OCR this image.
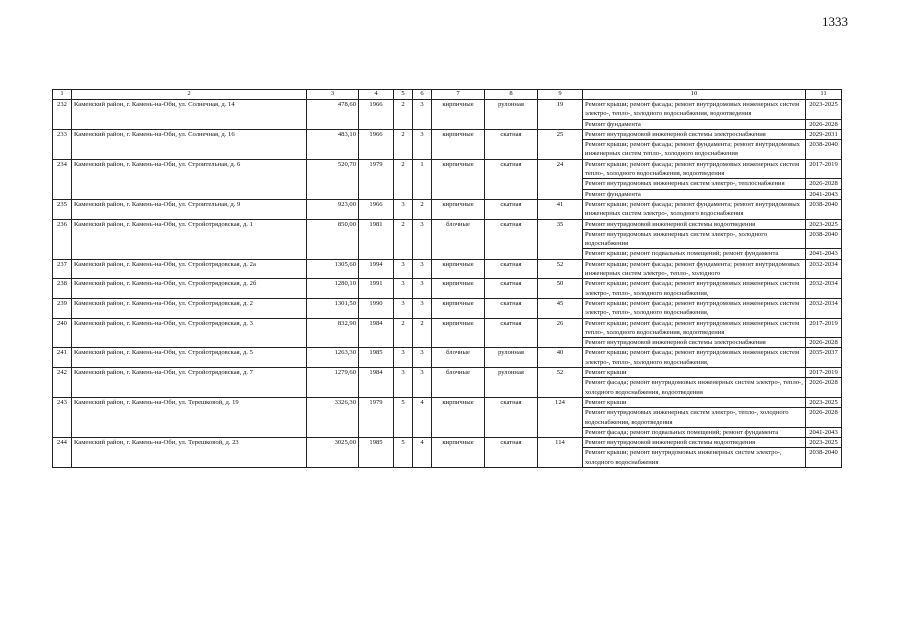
1333
1	2	3	4	5	6	7	8	9	10	11
232	Каменский район, г. Камень-на-Оби, ул. Солнечная, д. 14	478,60	1966	2	3	кирпичные	рулонная	19	Ремонт крыши; ремонт фасада; ремонт внутридомовых инженерных систем электро-, тепло-, холодного водоснабжения, водоотведения	2023-2025
									Ремонт фундамента	2026-2028
233	Каменский район, г. Камень-на-Оби, ул. Солнечная, д. 16	483,10	1966	2	3	кирпичные	скатная	25	Ремонт внутридомовой инженерной системы электроснабжения	2029-2031
									Ремонт крыши; ремонт фасада; ремонт фундамента; ремонт внутридомовых инженерных систем тепло-, холодного водоснабжения	2038-2040
234	Каменский район, г. Камень-на-Оби, ул. Строительная, д. 6	520,70	1979	2	1	кирпичные	скатная	24	Ремонт крыши; ремонт фасада; ремонт внутридомовых инженерных систем тепло-, холодного водоснабжения, водоотведения	2017-2019
									Ремонт внутридомовых инженерных систем электро-, теплоснабжения	2026-2028
									Ремонт фундамента	2041-2043
235	Каменский район, г. Камень-на-Оби, ул. Строительная, д. 9	923,00	1966	3	2	кирпичные	скатная	41	Ремонт крыши; ремонт фасада; ремонт фундамента; ремонт внутридомовых инженерных систем электро-, холодного водоснабжения	2038-2040
236	Каменский район, г. Камень-на-Оби, ул. Стройотрядовская, д. 1	850,00	1981	2	3	блочные	скатная	35	Ремонт внутридомовой инженерной системы водоотведения	2023-2025
									Ремонт внутридомовых инженерных систем электро-, холодного водоснабжения	2038-2040
									Ремонт крыши; ремонт подвальных помещений; ремонт фундамента	2041-2043
237	Каменский район, г. Камень-на-Оби, ул. Стройотрядовская, д. 2а	1305,60	1994	3	3	кирпичные	скатная	52	Ремонт крыши; ремонт фасада; ремонт фундамента; ремонт внутридомовых инженерных систем электро-, тепло-, холодного	2032-2034
238	Каменский район, г. Камень-на-Оби, ул. Стройотрядовская, д. 2б	1280,10	1991	3	3	кирпичные	скатная	50	Ремонт крыши; ремонт фасада; ремонт внутридомовых инженерных систем электро-, тепло-, холодного водоснабжения,	2032-2034
239	Каменский район, г. Камень-на-Оби, ул. Стройотрядовская, д. 2	1301,50	1990	3	3	кирпичные	скатная	45	Ремонт крыши; ремонт фасада; ремонт внутридомовых инженерных систем электро-, тепло-, холодного водоснабжения,	2032-2034
240	Каменский район, г. Камень-на-Оби, ул. Стройотрядовская, д. 3	832,90	1984	2	2	кирпичные	скатная	26	Ремонт крыши; ремонт фасада; ремонт внутридомовых инженерных систем тепло-, холодного водоснабжения, водоотведения	2017-2019
									Ремонт внутридомовой инженерной системы электроснабжения	2026-2028
241	Каменский район, г. Камень-на-Оби, ул. Стройотрядовская, д. 5	1263,30	1985	3	3	блочные	рулонная	40	Ремонт крыши; ремонт фасада; ремонт внутридомовых инженерных систем электро-, тепло-, холодного водоснабжения,	2035-2037
242	Каменский район, г. Камень-на-Оби, ул. Стройотрядовская, д. 7	1279,60	1984	3	3	блочные	рулонная	52	Ремонт крыши	2017-2019
									Ремонт фасада; ремонт внутридомовых инженерных систем электро-, тепло-, холодного водоснабжения, водоотведения	2026-2028
243	Каменский район, г. Камень-на-Оби, ул. Терешковой, д. 19	3326,30	1979	5	4	кирпичные	скатная	124	Ремонт крыши	2023-2025
									Ремонт внутридомовых инженерных систем электро-, тепло-, холодного водоснабжения, водоотведения	2026-2028
									Ремонт фасада; ремонт подвальных помещений; ремонт фундамента	2041-2043
244	Каменский район, г. Камень-на-Оби, ул. Терешковой, д. 23	3025,00	1985	5	4	кирпичные	скатная	114	Ремонт внутридомовой инженерной системы водоотведения	2023-2025
									Ремонт крыши; ремонт внутридомовых инженерных систем электро-, холодного водоснабжения	2038-2040
